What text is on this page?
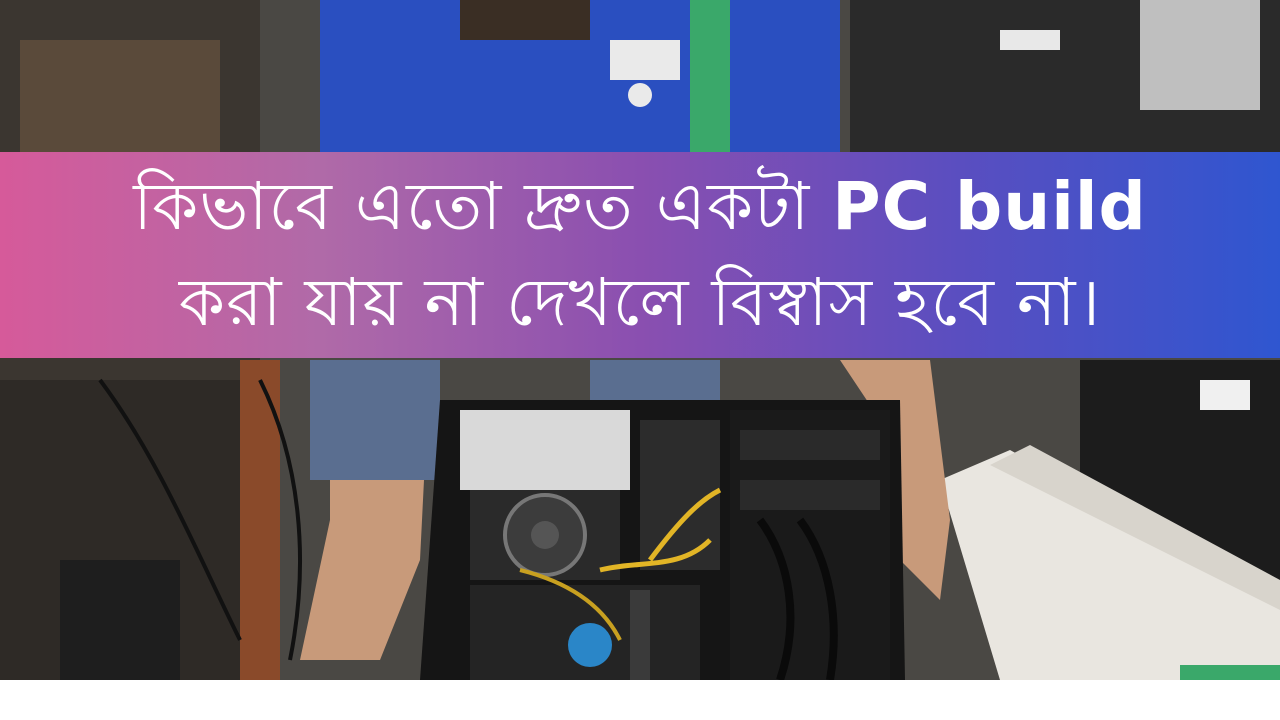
কিভাবে এতো দ্রুত একটা PC build
করা যায় না দেখলে বিস্বাস হবে না।
